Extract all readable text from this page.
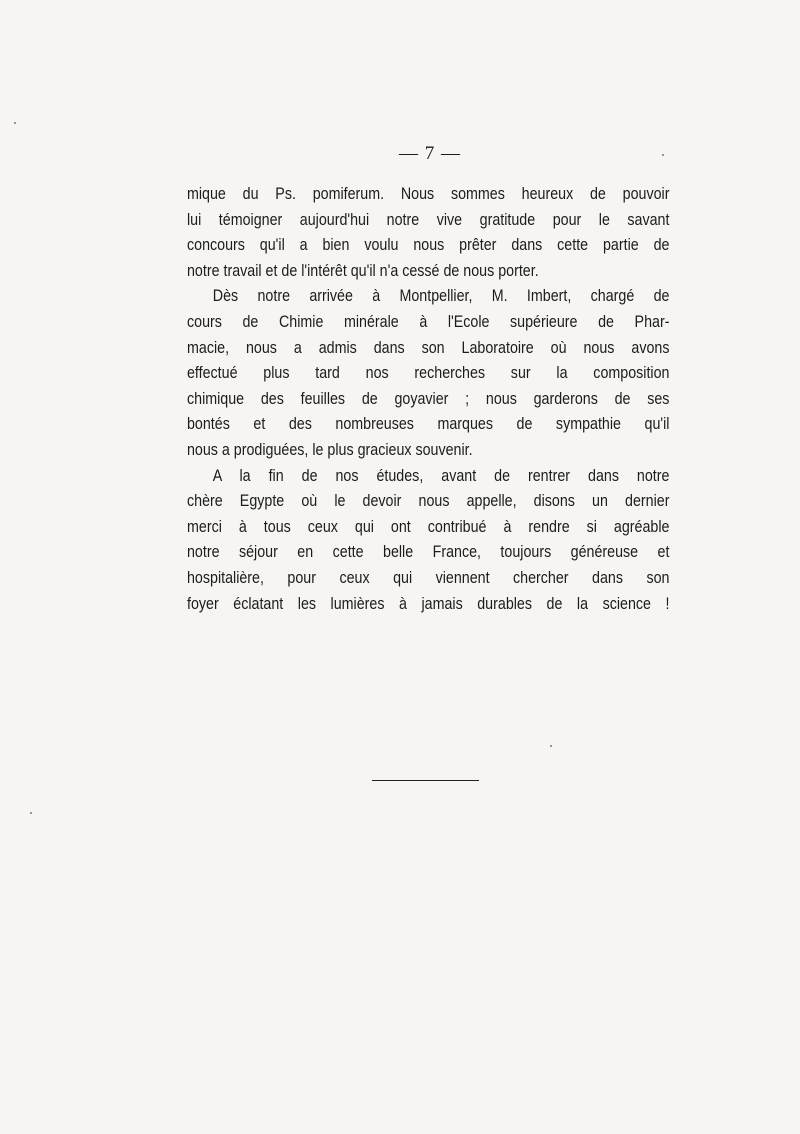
— 7 —
mique du Ps. pomiferum. Nous sommes heureux de pouvoir
lui témoigner aujourd'hui notre vive gratitude pour le savant
concours qu'il a bien voulu nous prêter dans cette partie de
notre travail et de l'intérêt qu'il n'a cessé de nous porter.
Dès notre arrivée à Montpellier, M. Imbert, chargé de
cours de Chimie minérale à l'Ecole supérieure de Phar-
macie, nous a admis dans son Laboratoire où nous avons
effectué plus tard nos recherches sur la composition
chimique des feuilles de goyavier ; nous garderons de ses
bontés et des nombreuses marques de sympathie qu'il
nous a prodiguées, le plus gracieux souvenir.
A la fin de nos études, avant de rentrer dans notre
chère Egypte où le devoir nous appelle, disons un dernier
merci à tous ceux qui ont contribué à rendre si agréable
notre séjour en cette belle France, toujours généreuse et
hospitalière, pour ceux qui viennent chercher dans son
foyer éclatant les lumières à jamais durables de la science !
